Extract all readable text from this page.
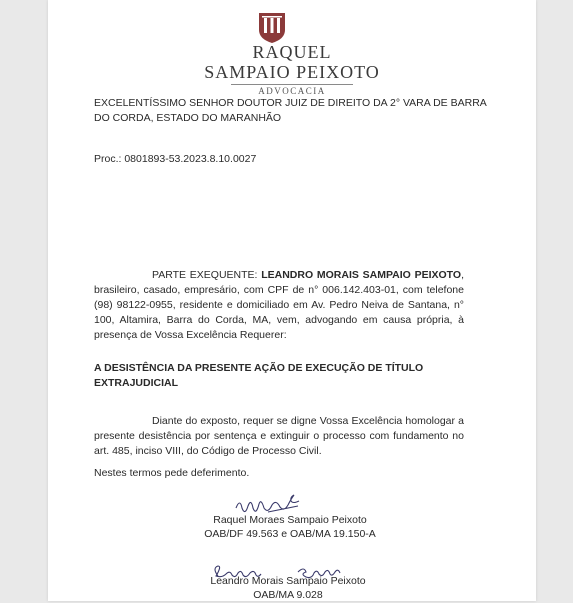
RAQUEL
SAMPAIO PEIXOTO
ADVOCACIA
EXCELENTÍSSIMO SENHOR DOUTOR JUIZ DE DIREITO DA 2° VARA DE BARRA DO CORDA, ESTADO DO MARANHÃO
Proc.: 0801893-53.2023.8.10.0027
PARTE EXEQUENTE: LEANDRO MORAIS SAMPAIO PEIXOTO, brasileiro, casado, empresário, com CPF de n° 006.142.403-01, com telefone (98) 98122-0955, residente e domiciliado em Av. Pedro Neiva de Santana, n° 100, Altamira, Barra do Corda, MA, vem, advogando em causa própria, à presença de Vossa Excelência Requerer:
A DESISTÊNCIA DA PRESENTE AÇÃO DE EXECUÇÃO DE TÍTULO EXTRAJUDICIAL
Diante do exposto, requer se digne Vossa Excelência homologar a presente desistência por sentença e extinguir o processo com fundamento no art. 485, inciso VIII, do Código de Processo Civil.
Nestes termos pede deferimento.
Raquel Moraes Sampaio Peixoto
OAB/DF 49.563 e OAB/MA 19.150-A
Leandro Morais Sampaio Peixoto
OAB/MA 9.028
